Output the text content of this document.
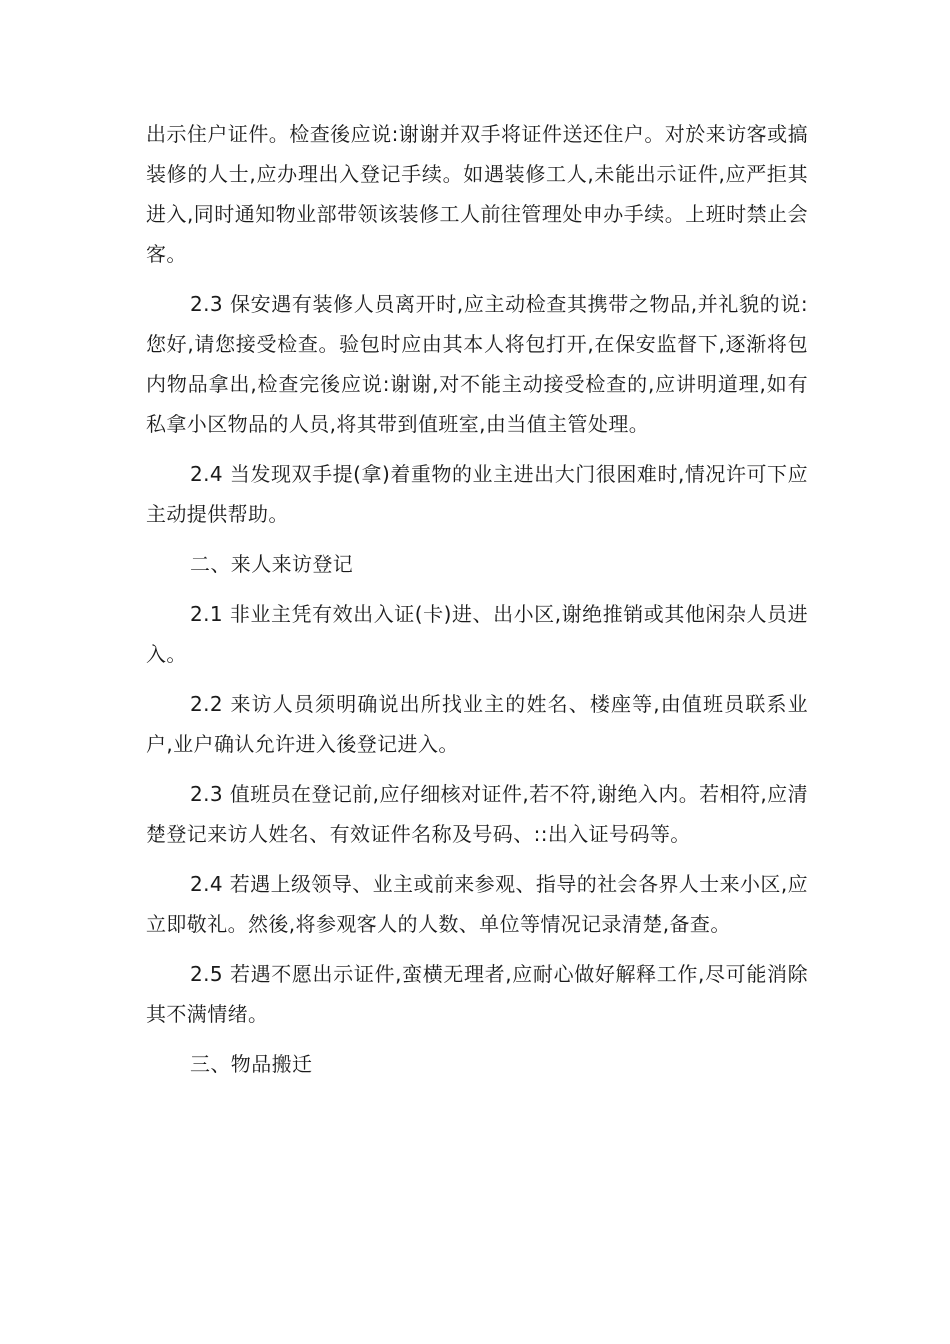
出示住户证件。检查後应说:谢谢并双手将证件送还住户。对於来访客或搞装修的人士,应办理出入登记手续。如遇装修工人,未能出示证件,应严拒其进入,同时通知物业部带领该装修工人前往管理处申办手续。上班时禁止会客。

2.3 保安遇有装修人员离开时,应主动检查其携带之物品,并礼貌的说:您好,请您接受检查。验包时应由其本人将包打开,在保安监督下,逐渐将包内物品拿出,检查完後应说:谢谢,对不能主动接受检查的,应讲明道理,如有私拿小区物品的人员,将其带到值班室,由当值主管处理。

2.4 当发现双手提(拿)着重物的业主进出大门很困难时,情况许可下应主动提供帮助。

二、来人来访登记

2.1 非业主凭有效出入证(卡)进、出小区,谢绝推销或其他闲杂人员进入。

2.2 来访人员须明确说出所找业主的姓名、楼座等,由值班员联系业户,业户确认允许进入後登记进入。

2.3 值班员在登记前,应仔细核对证件,若不符,谢绝入内。若相符,应清楚登记来访人姓名、有效证件名称及号码、::出入证号码等。

2.4 若遇上级领导、业主或前来参观、指导的社会各界人士来小区,应立即敬礼。然後,将参观客人的人数、单位等情况记录清楚,备查。

2.5 若遇不愿出示证件,蛮横无理者,应耐心做好解释工作,尽可能消除其不满情绪。

三、物品搬迁
